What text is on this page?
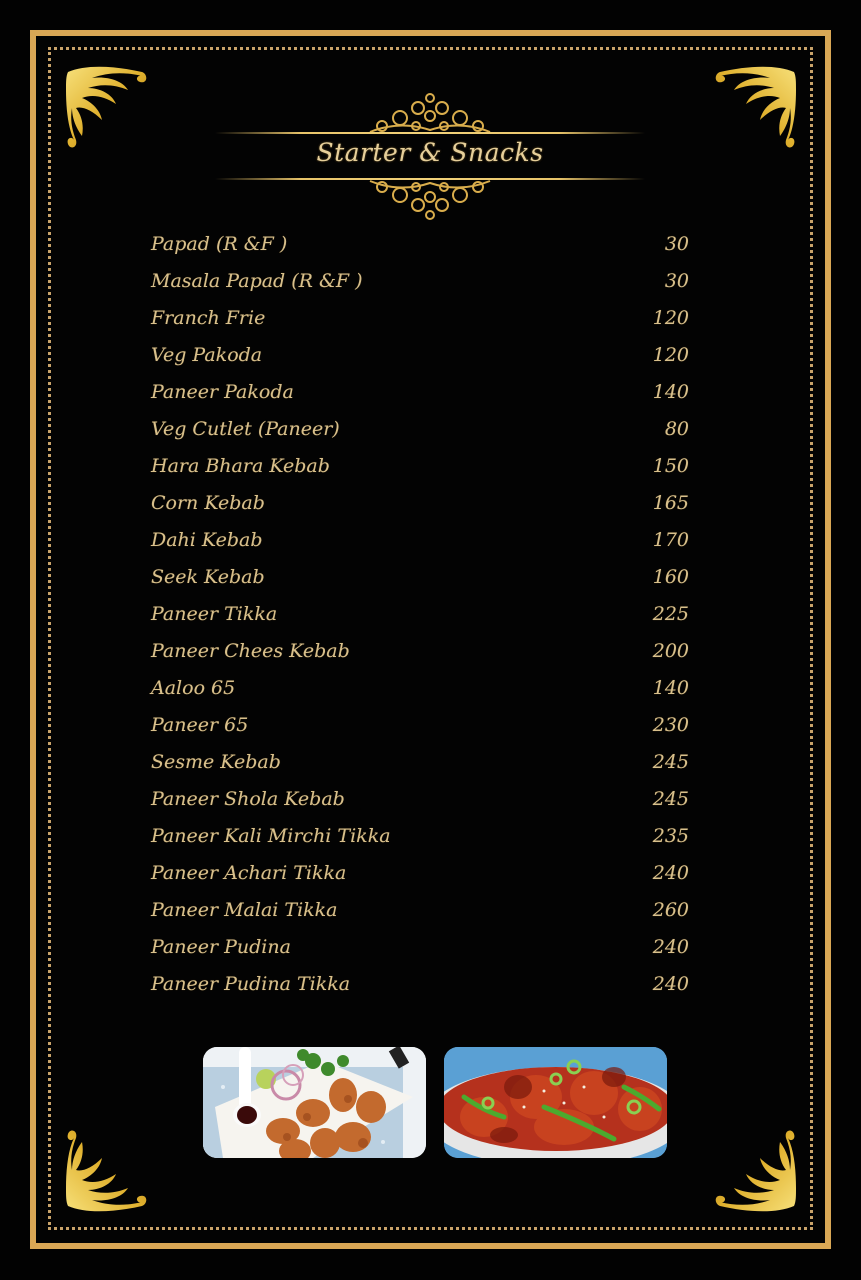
Starter & Snacks
Papad (R &F )	30
Masala Papad (R &F )	30
Franch Frie	120
Veg Pakoda	120
Paneer Pakoda	140
Veg Cutlet (Paneer)	80
Hara Bhara Kebab	150
Corn Kebab	165
Dahi Kebab	170
Seek Kebab	160
Paneer Tikka	225
Paneer Chees Kebab	200
Aaloo 65	140
Paneer 65	230
Sesme Kebab	245
Paneer Shola Kebab	245
Paneer Kali Mirchi Tikka	235
Paneer Achari Tikka	240
Paneer Malai Tikka	260
Paneer Pudina	240
Paneer Pudina Tikka	240
